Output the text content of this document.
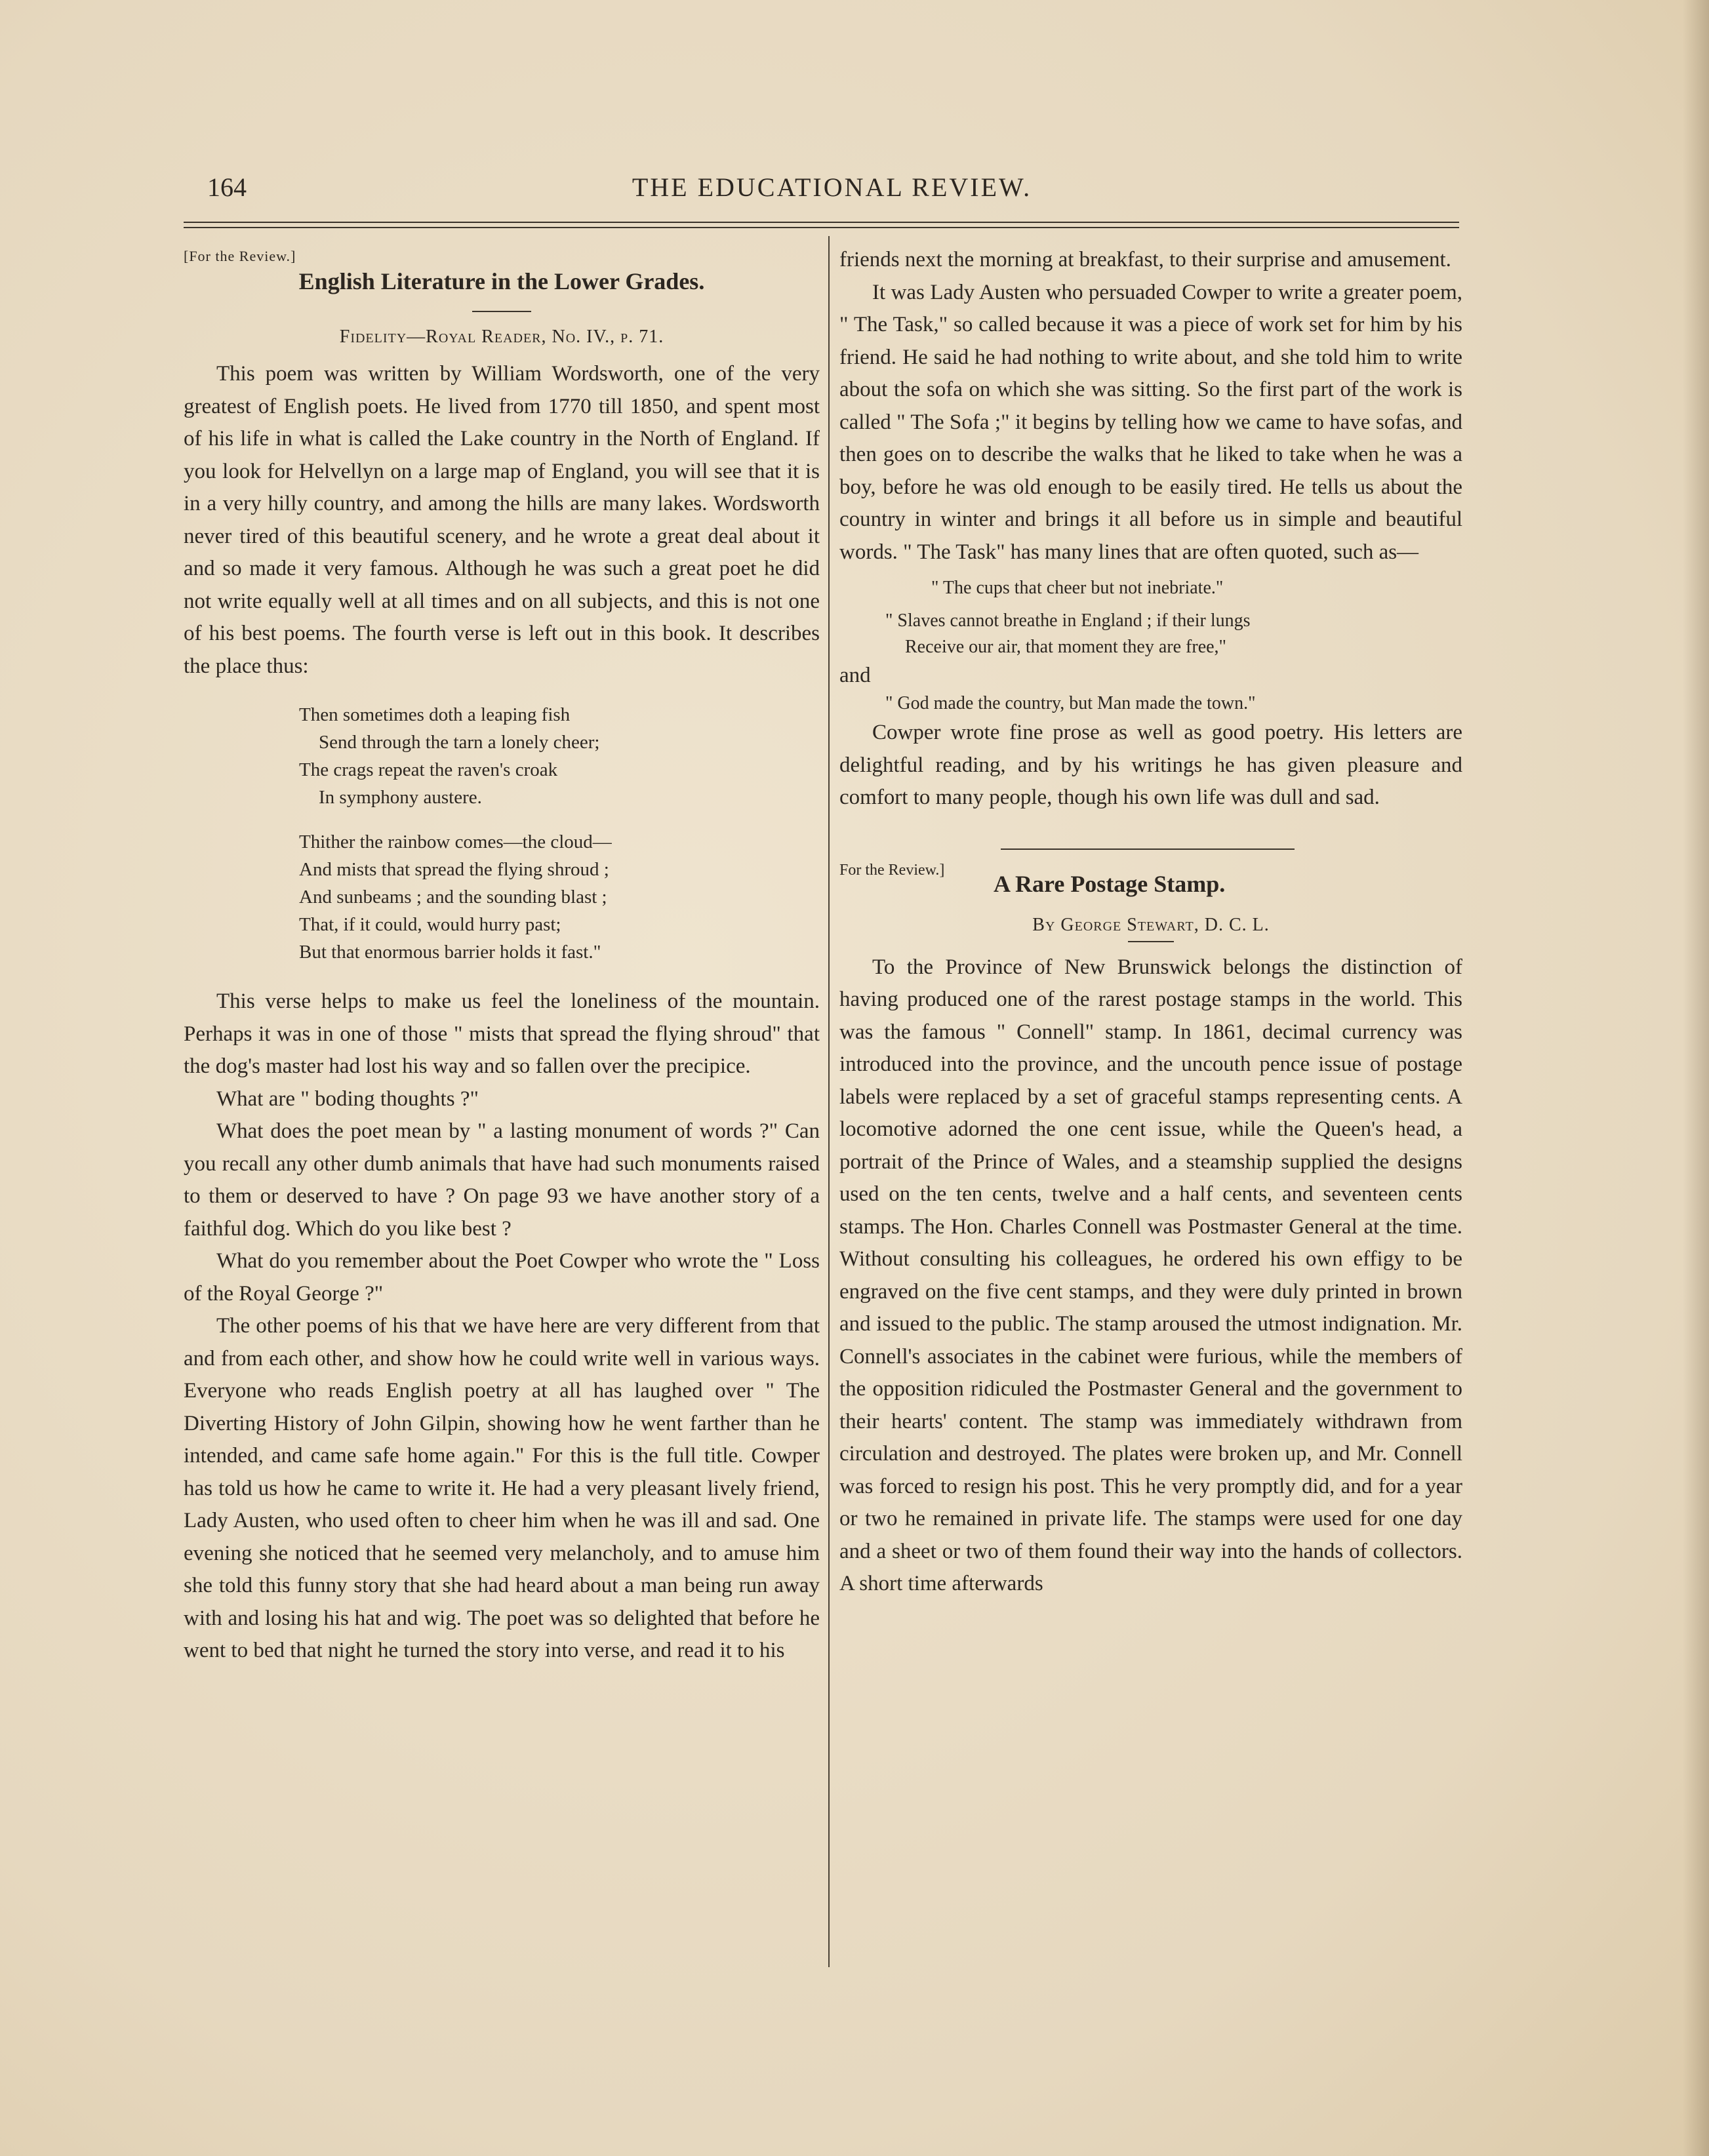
164	THE EDUCATIONAL REVIEW.

[For the Review.]

English Literature in the Lower Grades.

Fidelity—Royal Reader, No. IV., p. 71.

This poem was written by William Wordsworth, one of the very greatest of English poets. He lived from 1770 till 1850, and spent most of his life in what is called the Lake country in the North of England. If you look for Helvellyn on a large map of England, you will see that it is in a very hilly country, and among the hills are many lakes. Wordsworth never tired of this beautiful scenery, and he wrote a great deal about it and so made it very famous. Although he was such a great poet he did not write equally well at all times and on all subjects, and this is not one of his best poems. The fourth verse is left out in this book. It describes the place thus:

Then sometimes doth a leaping fish
Send through the tarn a lonely cheer;
The crags repeat the raven's croak
In symphony austere.
Thither the rainbow comes—the cloud—
And mists that spread the flying shroud ;
And sunbeams ; and the sounding blast ;
That, if it could, would hurry past;
But that enormous barrier holds it fast."

This verse helps to make us feel the loneliness of the mountain. Perhaps it was in one of those " mists that spread the flying shroud" that the dog's master had lost his way and so fallen over the precipice.

What are " boding thoughts ?"

What does the poet mean by " a lasting monument of words ?" Can you recall any other dumb animals that have had such monuments raised to them or deserved to have ? On page 93 we have another story of a faithful dog. Which do you like best ?

What do you remember about the Poet Cowper who wrote the " Loss of the Royal George ?"

The other poems of his that we have here are very different from that and from each other, and show how he could write well in various ways. Everyone who reads English poetry at all has laughed over " The Diverting History of John Gilpin, showing how he went farther than he intended, and came safe home again." For this is the full title. Cowper has told us how he came to write it. He had a very pleasant lively friend, Lady Austen, who used often to cheer him when he was ill and sad. One evening she noticed that he seemed very melancholy, and to amuse him she told this funny story that she had heard about a man being run away with and losing his hat and wig. The poet was so delighted that before he went to bed that night he turned the story into verse, and read it to his

friends next the morning at breakfast, to their surprise and amusement.

It was Lady Austen who persuaded Cowper to write a greater poem, " The Task," so called because it was a piece of work set for him by his friend. He said he had nothing to write about, and she told him to write about the sofa on which she was sitting. So the first part of the work is called " The Sofa ;" it begins by telling how we came to have sofas, and then goes on to describe the walks that he liked to take when he was a boy, before he was old enough to be easily tired. He tells us about the country in winter and brings it all before us in simple and beautiful words. " The Task" has many lines that are often quoted, such as—

" The cups that cheer but not inebriate."

" Slaves cannot breathe in England ; if their lungs

Receive our air, that moment they are free,"

and

" God made the country, but Man made the town."

Cowper wrote fine prose as well as good poetry. His letters are delightful reading, and by his writings he has given pleasure and comfort to many people, though his own life was dull and sad.

For the Review.]

A Rare Postage Stamp.

By George Stewart, D. C. L.

To the Province of New Brunswick belongs the distinction of having produced one of the rarest postage stamps in the world. This was the famous " Connell" stamp. In 1861, decimal currency was introduced into the province, and the uncouth pence issue of postage labels were replaced by a set of graceful stamps representing cents. A locomotive adorned the one cent issue, while the Queen's head, a portrait of the Prince of Wales, and a steamship supplied the designs used on the ten cents, twelve and a half cents, and seventeen cents stamps. The Hon. Charles Connell was Postmaster General at the time. Without consulting his colleagues, he ordered his own effigy to be engraved on the five cent stamps, and they were duly printed in brown and issued to the public. The stamp aroused the utmost indignation. Mr. Connell's associates in the cabinet were furious, while the members of the opposition ridiculed the Postmaster General and the government to their hearts' content. The stamp was immediately withdrawn from circulation and destroyed. The plates were broken up, and Mr. Connell was forced to resign his post. This he very promptly did, and for a year or two he remained in private life. The stamps were used for one day and a sheet or two of them found their way into the hands of collectors. A short time afterwards
